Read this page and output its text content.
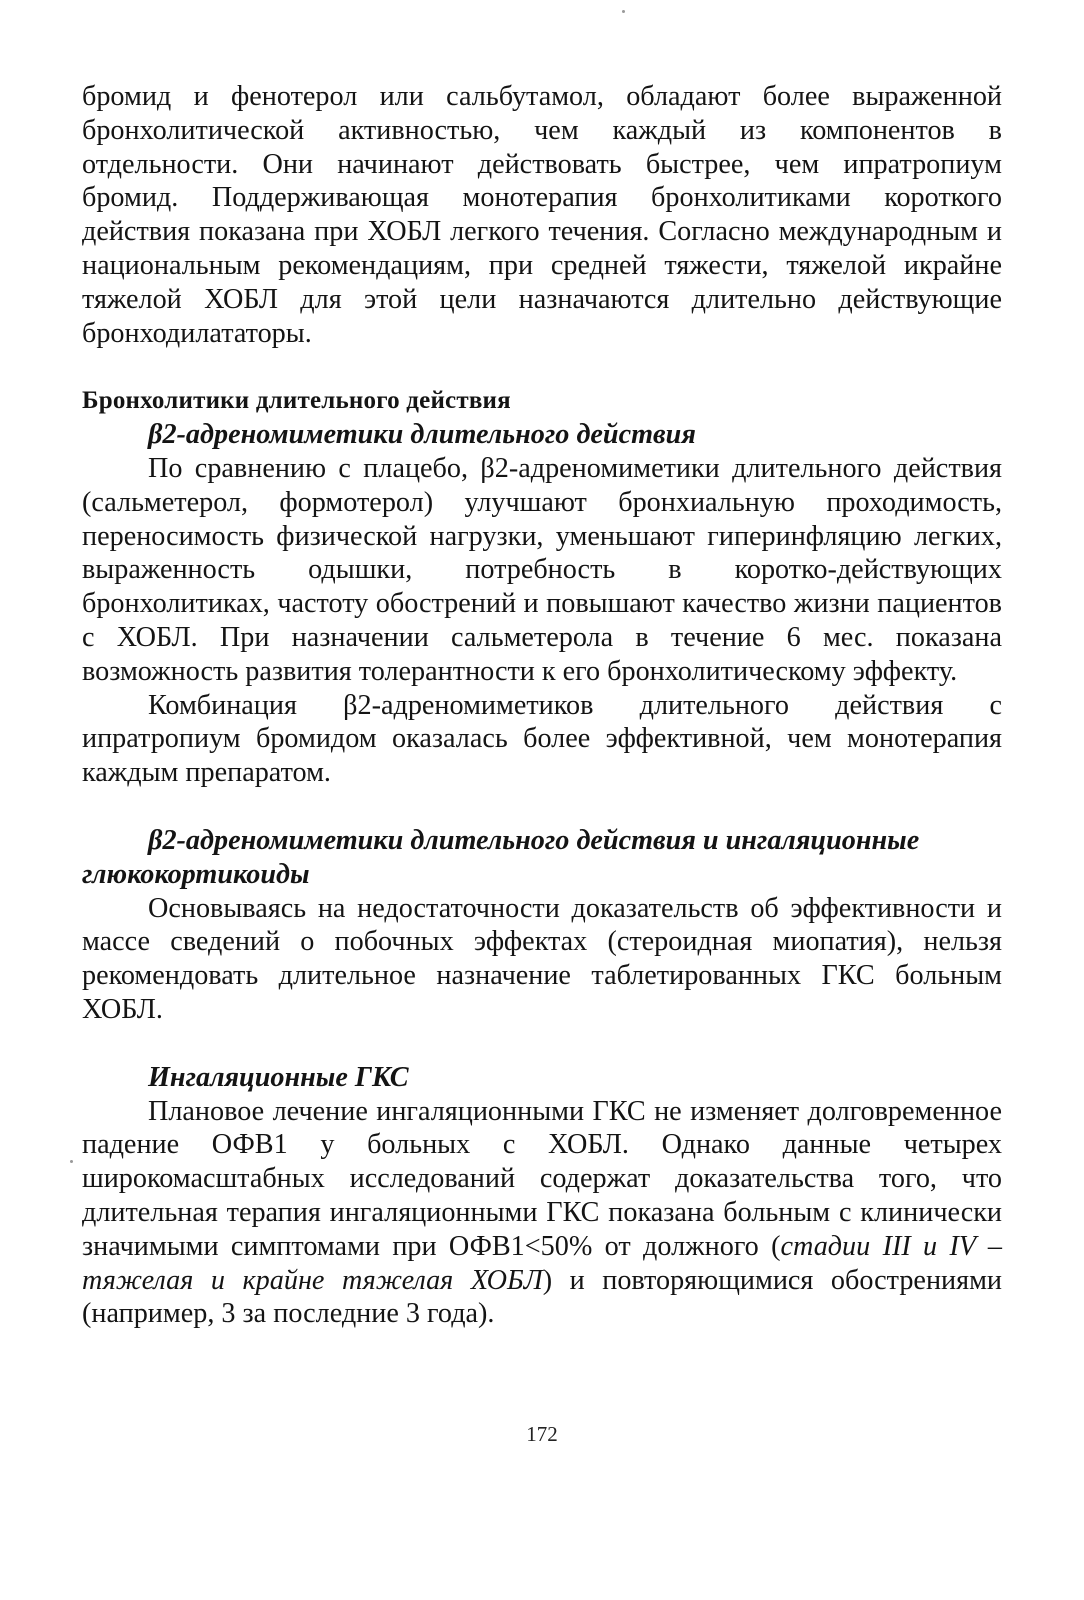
бромид и фенотерол или сальбутамол, обладают более выраженной бронхолитической активностью, чем каждый из компонентов в отдельности. Они начинают действовать быстрее, чем ипратропиум бромид. Поддерживающая монотерапия бронхолитиками короткого действия показана при ХОБЛ легкого течения. Согласно международным и национальным рекомендациям, при средней тяжести, тяжелой икрайне тяжелой ХОБЛ для этой цели назначаются длительно действующие бронходилататоры.

Бронхолитики длительного действия

β2-адреномиметики длительного действия

По сравнению с плацебо, β2-адреномиметики длительного действия (сальметерол, формотерол) улучшают бронхиальную проходимость, переносимость физической нагрузки, уменьшают гиперинфляцию легких, выраженность одышки, потребность в коротко-действующих бронхолитиках, частоту обострений и повышают качество жизни пациентов с ХОБЛ. При назначении сальметерола в течение 6 мес. показана возможность развития толерантности к его бронхолитическому эффекту.

Комбинация β2-адреномиметиков длительного действия с ипратропиум бромидом оказалась более эффективной, чем монотерапия каждым препаратом.

β2-адреномиметики длительного действия и ингаляционные глюкокортикоиды

Основываясь на недостаточности доказательств об эффективности и массе сведений о побочных эффектах (стероидная миопатия), нельзя рекомендовать длительное назначение таблетированных ГКС больным ХОБЛ.

Ингаляционные ГКС

Плановое лечение ингаляционными ГКС не изменяет долговременное падение ОФВ1 у больных с ХОБЛ. Однако данные четырех широкомасштабных исследований содержат доказательства того, что длительная терапия ингаляционными ГКС показана больным с клинически значимыми симптомами при ОФВ1<50% от должного (стадии III и IV – тяжелая и крайне тяжелая ХОБЛ) и повторяющимися обострениями (например, 3 за последние 3 года).

172
